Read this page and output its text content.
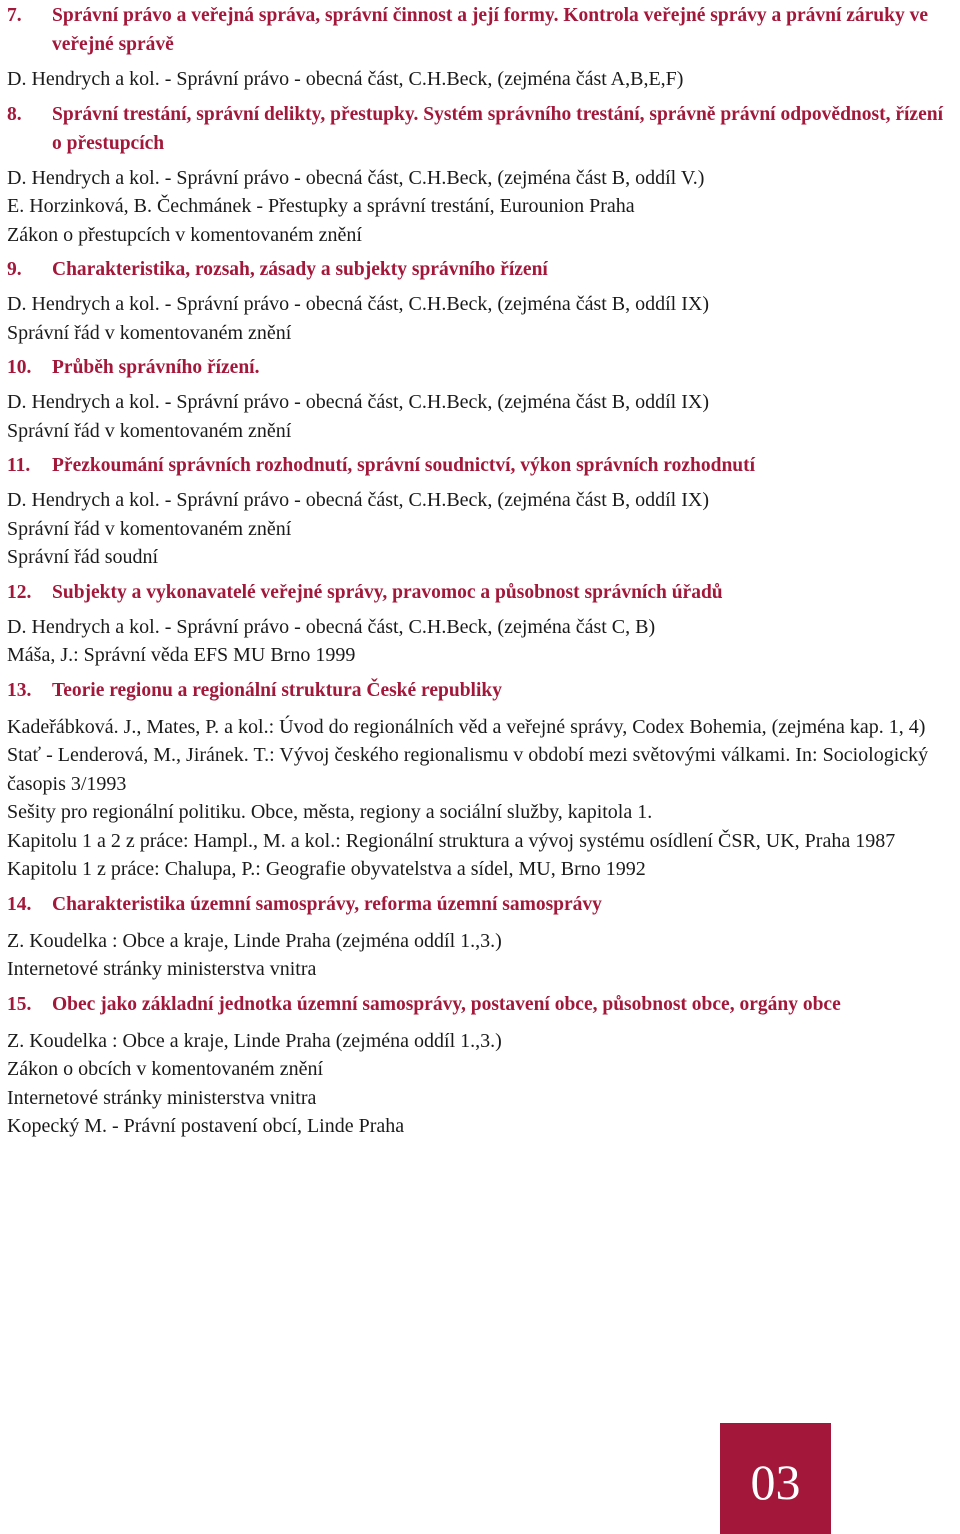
7.	Správní právo a veřejná správa, správní činnost a její formy. Kontrola veřejné správy a právní záruky ve veřejné správě
D. Hendrych a kol. - Správní právo - obecná část, C.H.Beck, (zejména část A,B,E,F)
8.	Správní trestání, správní delikty, přestupky. Systém správního trestání, správně právní odpovědnost, řízení o přestupcích
D. Hendrych a kol. - Správní právo - obecná část, C.H.Beck, (zejména část B, oddíl V.)
E. Horzinková, B. Čechmánek - Přestupky a správní trestání, Eurounion Praha
Zákon o přestupcích v komentovaném znění
9.	Charakteristika, rozsah, zásady a subjekty správního řízení
D. Hendrych a kol. - Správní právo - obecná část, C.H.Beck, (zejména část B, oddíl IX)
Správní řád v komentovaném znění
10.	Průběh správního řízení.
D. Hendrych a kol. - Správní právo - obecná část, C.H.Beck, (zejména část B, oddíl IX)
Správní řád v komentovaném znění
11.	Přezkoumání správních rozhodnutí, správní soudnictví, výkon správních rozhodnutí
D. Hendrych a kol. - Správní právo - obecná část, C.H.Beck, (zejména část B, oddíl IX)
Správní řád v komentovaném znění
Správní řád soudní
12.	Subjekty a vykonavatelé veřejné správy, pravomoc a působnost správních úřadů
D. Hendrych a kol. - Správní právo - obecná část, C.H.Beck, (zejména část C, B)
Máša, J.: Správní věda EFS MU Brno 1999
13.	Teorie regionu a regionální struktura České republiky
Kadeřábková. J., Mates, P. a kol.: Úvod do regionálních věd a veřejné správy, Codex Bohemia, (zejména kap. 1, 4)
Stať - Lenderová, M., Jiránek. T.: Vývoj českého regionalismu v období mezi světovými válkami. In: Sociologický časopis 3/1993
Sešity pro regionální politiku. Obce, města, regiony a sociální služby, kapitola 1.
Kapitolu 1 a 2 z práce: Hampl., M. a kol.: Regionální struktura a vývoj systému osídlení ČSR, UK, Praha 1987
Kapitolu 1 z práce: Chalupa, P.: Geografie obyvatelstva a sídel, MU, Brno 1992
14.	Charakteristika územní samosprávy, reforma územní samosprávy
Z. Koudelka : Obce a kraje, Linde Praha (zejména oddíl 1.,3.)
Internetové stránky ministerstva vnitra
15.	Obec jako základní jednotka územní samosprávy, postavení obce, působnost obce, orgány obce
Z. Koudelka : Obce a kraje, Linde Praha (zejména oddíl 1.,3.)
Zákon o obcích v komentovaném znění
Internetové stránky ministerstva vnitra
Kopecký M. - Právní postavení obcí, Linde Praha
03
